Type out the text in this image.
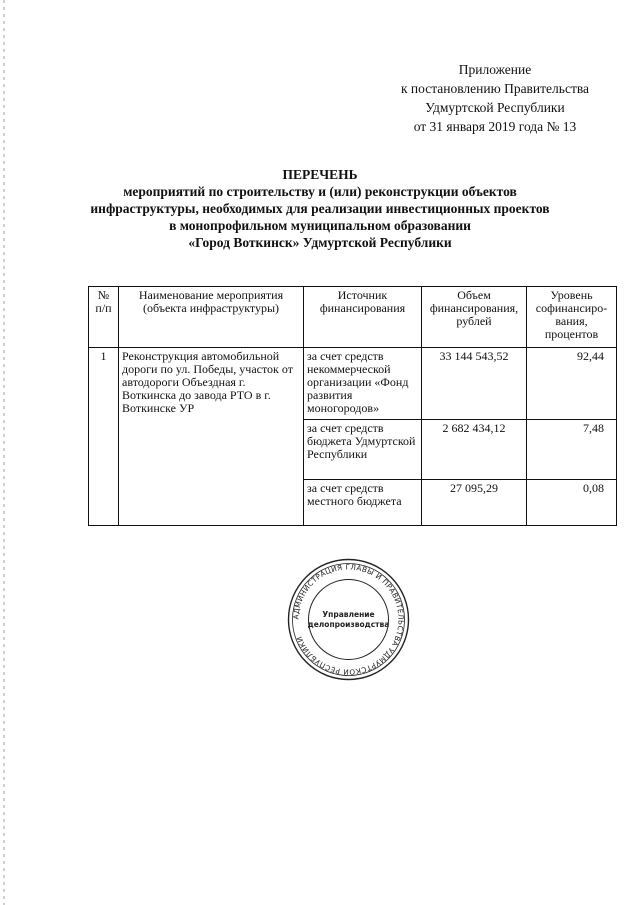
Приложение
к постановлению Правительства
Удмуртской Республики
от 31 января 2019 года № 13
ПЕРЕЧЕНЬ
мероприятий по строительству и (или) реконструкции объектов
инфраструктуры, необходимых для реализации инвестиционных проектов
в монопрофильном муниципальном образовании
«Город Воткинск» Удмуртской Республики
№ п/п	Наименование мероприятия (объекта инфраструктуры)	Источник финансирования	Объем финансирования, рублей	Уровень софинансиро-вания, процентов
1	Реконструкция автомобильной дороги по ул. Победы, участок от автодороги Объездная г. Воткинска до завода РТО в г. Воткинске УР	за счет средств некоммерческой организации «Фонд развития моногородов»	33 144 543,52	92,44
		за счет средств бюджета Удмуртской Республики	2 682 434,12	7,48
		за счет средств местного бюджета	27 095,29	0,08
АДМИНИСТРАЦИЯ ГЛАВЫ И ПРАВИТЕЛЬСТВА УДМУРТСКОЙ РЕСПУБЛИКИ
Управление
делопроизводства
